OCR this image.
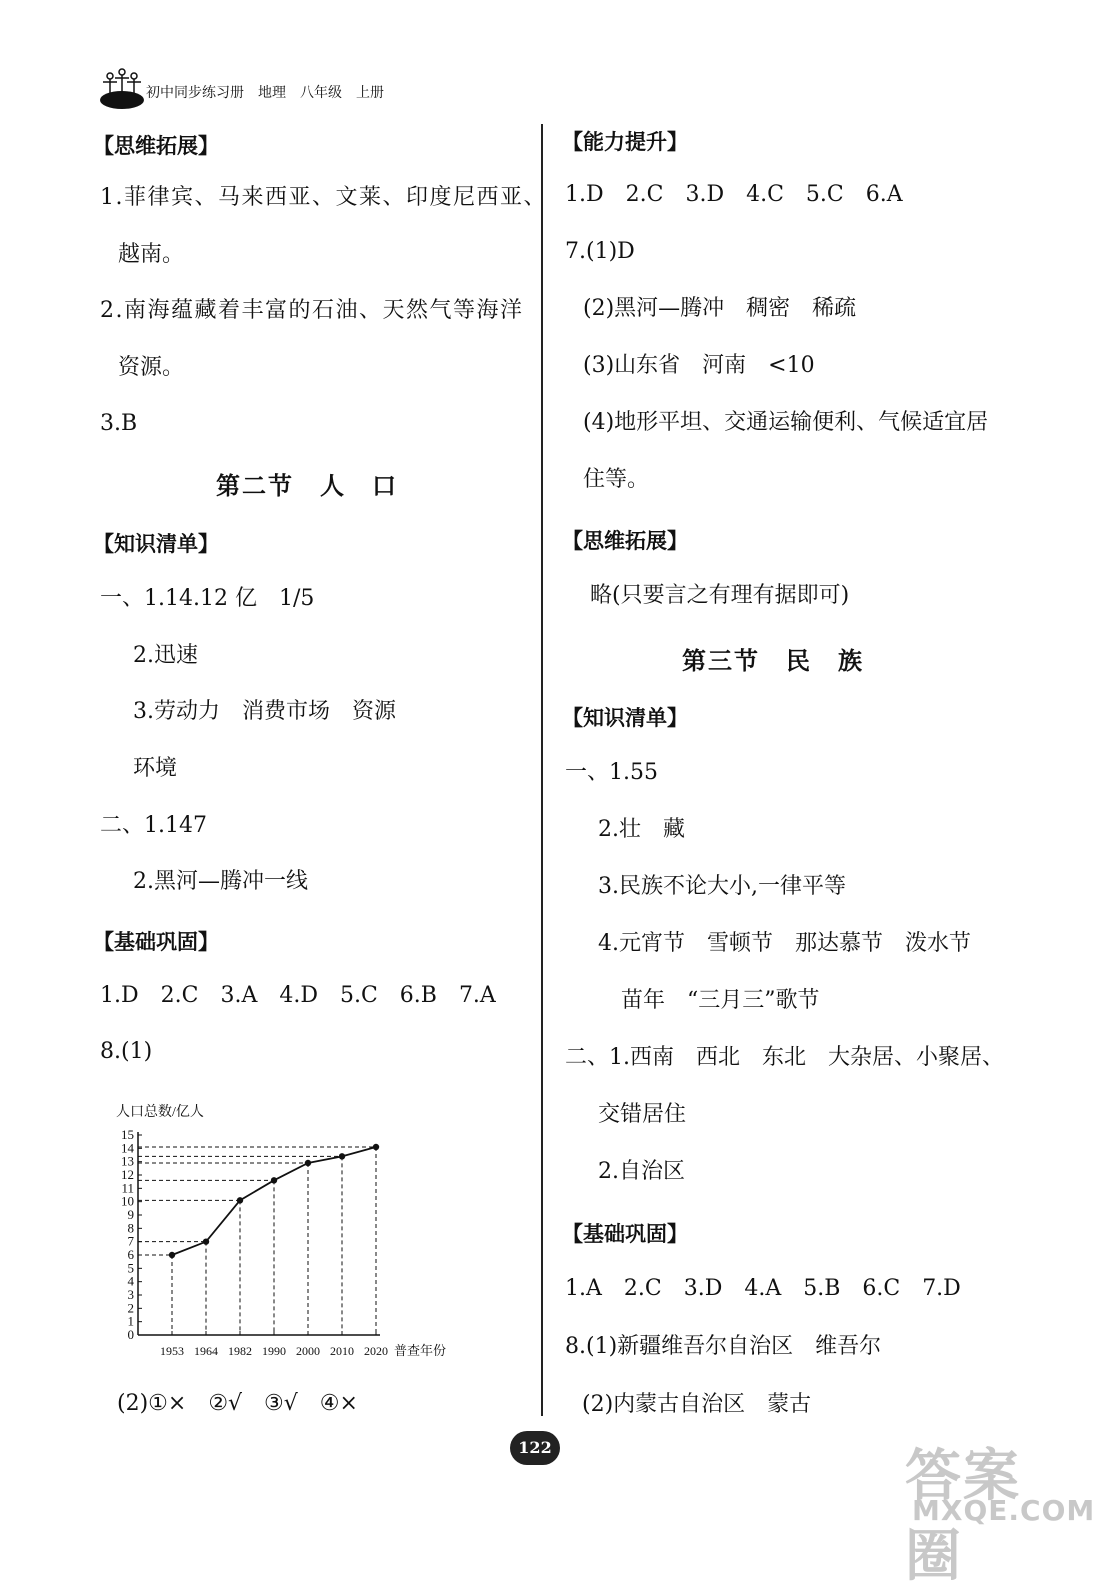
初中同步练习册　地理　八年级　上册
【思维拓展】
1.菲律宾、马来西亚、文莱、印度尼西亚、
越南。
2.南海蕴藏着丰富的石油、天然气等海洋
资源。
3.B
第二节　人　口
【知识清单】
一、1.14.12 亿　1/5
2.迅速
3.劳动力　消费市场　资源
环境
二、1.147
2.黑河—腾冲一线
【基础巩固】
1.D　2.C　3.A　4.D　5.C　6.B　7.A
8.(1)
0
1
2
3
4
5
6
7
8
9
10
11
12
13
14
15
人口总数/亿人
1953 1964 1982 1990 2000 2010 2020 普查年份
(2)①×　②√　③√　④×
【能力提升】
1.D　2.C　3.D　4.C　5.C　6.A
7.(1)D
(2)黑河—腾冲　稠密　稀疏
(3)山东省　河南　<10
(4)地形平坦、交通运输便利、气候适宜居
住等。
【思维拓展】
略(只要言之有理有据即可)
第三节　民　族
【知识清单】
一、1.55
2.壮　藏
3.民族不论大小,一律平等
4.元宵节　雪顿节　那达慕节　泼水节
苗年　“三月三”歌节
二、1.西南　西北　东北　大杂居、小聚居、
交错居住
2.自治区
【基础巩固】
1.A　2.C　3.D　4.A　5.B　6.C　7.D
8.(1)新疆维吾尔自治区　维吾尔
(2)内蒙古自治区　蒙古
122	答案圈
MXQE.COM
